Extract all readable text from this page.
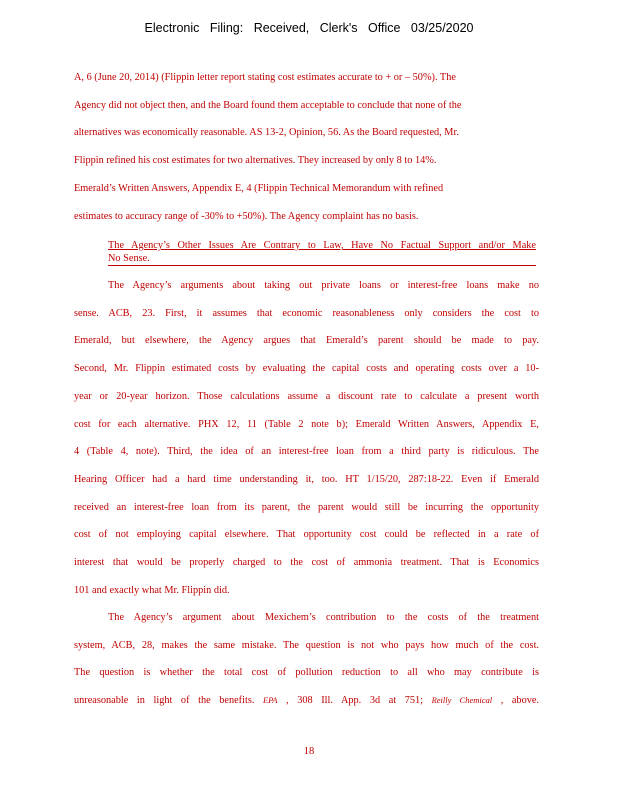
Electronic Filing: Received, Clerk's Office 03/25/2020
A, 6 (June 20, 2014) (Flippin letter report stating cost estimates accurate to + or – 50%). The
Agency did not object then, and the Board found them acceptable to conclude that none of the
alternatives was economically reasonable. AS 13-2, Opinion, 56. As the Board requested, Mr.
Flippin refined his cost estimates for two alternatives. They increased by only 8 to 14%.
Emerald’s Written Answers, Appendix E, 4 (Flippin Technical Memorandum with refined
estimates to accuracy range of -30% to +50%). The Agency complaint has no basis.
The Agency’s Other Issues Are Contrary to Law, Have No Factual Support and/or Make
No Sense.
The Agency’s arguments about taking out private loans or interest-free loans make no
sense. ACB, 23. First, it assumes that economic reasonableness only considers the cost to
Emerald, but elsewhere, the Agency argues that Emerald’s parent should be made to pay.
Second, Mr. Flippin estimated costs by evaluating the capital costs and operating costs over a 10-
year or 20-year horizon. Those calculations assume a discount rate to calculate a present worth
cost for each alternative. PHX 12, 11 (Table 2 note b); Emerald Written Answers, Appendix E,
4 (Table 4, note). Third, the idea of an interest-free loan from a third party is ridiculous. The
Hearing Officer had a hard time understanding it, too. HT 1/15/20, 287:18-22. Even if Emerald
received an interest-free loan from its parent, the parent would still be incurring the opportunity
cost of not employing capital elsewhere. That opportunity cost could be reflected in a rate of
interest that would be properly charged to the cost of ammonia treatment. That is Economics
101 and exactly what Mr. Flippin did.
The Agency’s argument about Mexichem’s contribution to the costs of the treatment
system, ACB, 28, makes the same mistake. The question is not who pays how much of the cost.
The question is whether the total cost of pollution reduction to all who may contribute is
unreasonable in light of the benefits. EPA , 308 Ill. App. 3d at 751; Reilly Chemical , above.
18
